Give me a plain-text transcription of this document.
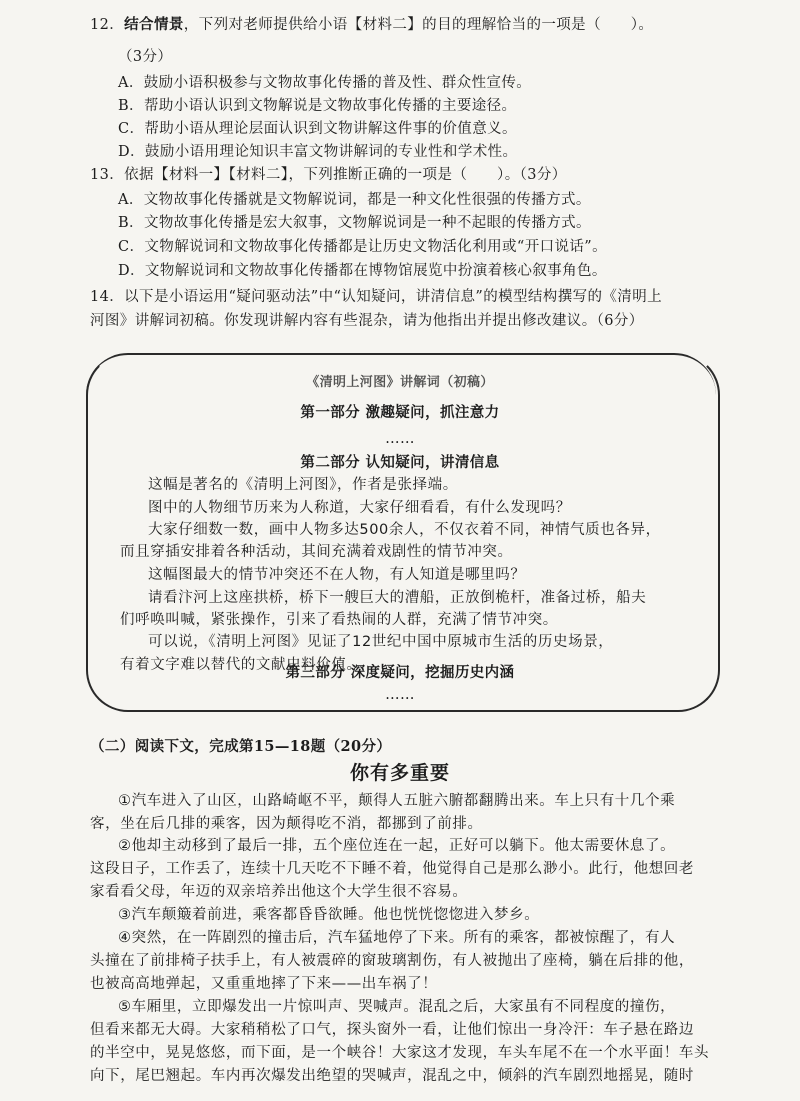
12．结合情景，下列对老师提供给小语【材料二】的目的理解恰当的一项是（　　）。
（3分）
A．鼓励小语积极参与文物故事化传播的普及性、群众性宣传。
B．帮助小语认识到文物解说是文物故事化传播的主要途径。
C．帮助小语从理论层面认识到文物讲解这件事的价值意义。
D．鼓励小语用理论知识丰富文物讲解词的专业性和学术性。
13．依据【材料一】【材料二】，下列推断正确的一项是（　　）。（3分）
A．文物故事化传播就是文物解说词，都是一种文化性很强的传播方式。
B．文物故事化传播是宏大叙事，文物解说词是一种不起眼的传播方式。
C．文物解说词和文物故事化传播都是让历史文物活化利用或“开口说话”。
D．文物解说词和文物故事化传播都在博物馆展览中扮演着核心叙事角色。
14．以下是小语运用“疑问驱动法”中“认知疑问，讲清信息”的模型结构撰写的《清明上
河图》讲解词初稿。你发现讲解内容有些混杂，请为他指出并提出修改建议。（6分）
《清明上河图》讲解词（初稿）
第一部分 激趣疑问，抓注意力
……
第二部分 认知疑问，讲清信息
这幅是著名的《清明上河图》，作者是张择端。
图中的人物细节历来为人称道，大家仔细看看，有什么发现吗？
大家仔细数一数，画中人物多达500余人，不仅衣着不同，神情气质也各异，
而且穿插安排着各种活动，其间充满着戏剧性的情节冲突。
这幅图最大的情节冲突还不在人物，有人知道是哪里吗？
请看汴河上这座拱桥，桥下一艘巨大的漕船，正放倒桅杆，准备过桥，船夫
们呼唤叫喊，紧张操作，引来了看热闹的人群，充满了情节冲突。
可以说，《清明上河图》见证了12世纪中国中原城市生活的历史场景，
有着文字难以替代的文献史料价值。
第三部分 深度疑问，挖掘历史内涵
……
（二）阅读下文，完成第15—18题（20分）
你有多重要
①汽车进入了山区，山路崎岖不平，颠得人五脏六腑都翻腾出来。车上只有十几个乘
客，坐在后几排的乘客，因为颠得吃不消，都挪到了前排。
②他却主动移到了最后一排，五个座位连在一起，正好可以躺下。他太需要休息了。
这段日子，工作丢了，连续十几天吃不下睡不着，他觉得自己是那么渺小。此行，他想回老
家看看父母，年迈的双亲培养出他这个大学生很不容易。
③汽车颠簸着前进，乘客都昏昏欲睡。他也恍恍惚惚进入梦乡。
④突然，在一阵剧烈的撞击后，汽车猛地停了下来。所有的乘客，都被惊醒了，有人
头撞在了前排椅子扶手上，有人被震碎的窗玻璃割伤，有人被抛出了座椅，躺在后排的他，
也被高高地弹起，又重重地摔了下来——出车祸了！
⑤车厢里，立即爆发出一片惊叫声、哭喊声。混乱之后，大家虽有不同程度的撞伤，
但看来都无大碍。大家稍稍松了口气，探头窗外一看，让他们惊出一身冷汗：车子悬在路边
的半空中，晃晃悠悠，而下面，是一个峡谷！大家这才发现，车头车尾不在一个水平面！车头
向下，尾巴翘起。车内再次爆发出绝望的哭喊声，混乱之中，倾斜的汽车剧烈地摇晃，随时
